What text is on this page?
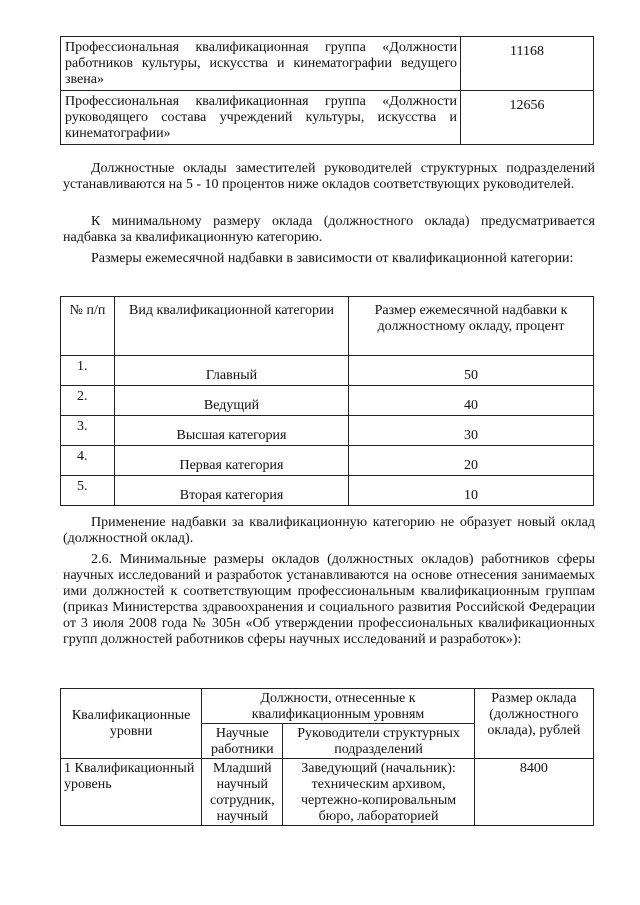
Профессиональная квалификационная группа «Должности работников культуры, искусства и кинематографии ведущего звена»	11168
Профессиональная квалификационная группа «Должности руководящего состава учреждений культуры, искусства и кинематографии»	12656
Должностные оклады заместителей руководителей структурных подразделений устанавливаются на 5 - 10 процентов ниже окладов соответствующих руководителей.
К минимальному размеру оклада (должностного оклада) предусматривается надбавка за квалификационную категорию.
Размеры ежемесячной надбавки в зависимости от квалификационной категории:
№ п/п	Вид квалификационной категории	Размер ежемесячной надбавки к должностному окладу, процент
1.	Главный	50
2.	Ведущий	40
3.	Высшая категория	30
4.	Первая категория	20
5.	Вторая категория	10
Применение надбавки за квалификационную категорию не образует новый оклад (должностной оклад).
2.6. Минимальные размеры окладов (должностных окладов) работников сферы научных исследований и разработок устанавливаются на основе отнесения занимаемых ими должностей к соответствующим профессиональным квалификационным группам (приказ Министерства здравоохранения и социального развития Российской Федерации от 3 июля 2008 года № 305н «Об утверждении профессиональных квалификационных групп должностей работников сферы научных исследований и разработок»):
Квалификационные уровни	Должности, отнесенные к квалификационным уровням		Размер оклада (должностного оклада), рублей
	Научные работники	Руководители структурных подразделений	
1 Квалификационный уровень	Младший научный сотрудник, научный	Заведующий (начальник): техническим архивом, чертежно-копировальным бюро, лабораторией	8400
